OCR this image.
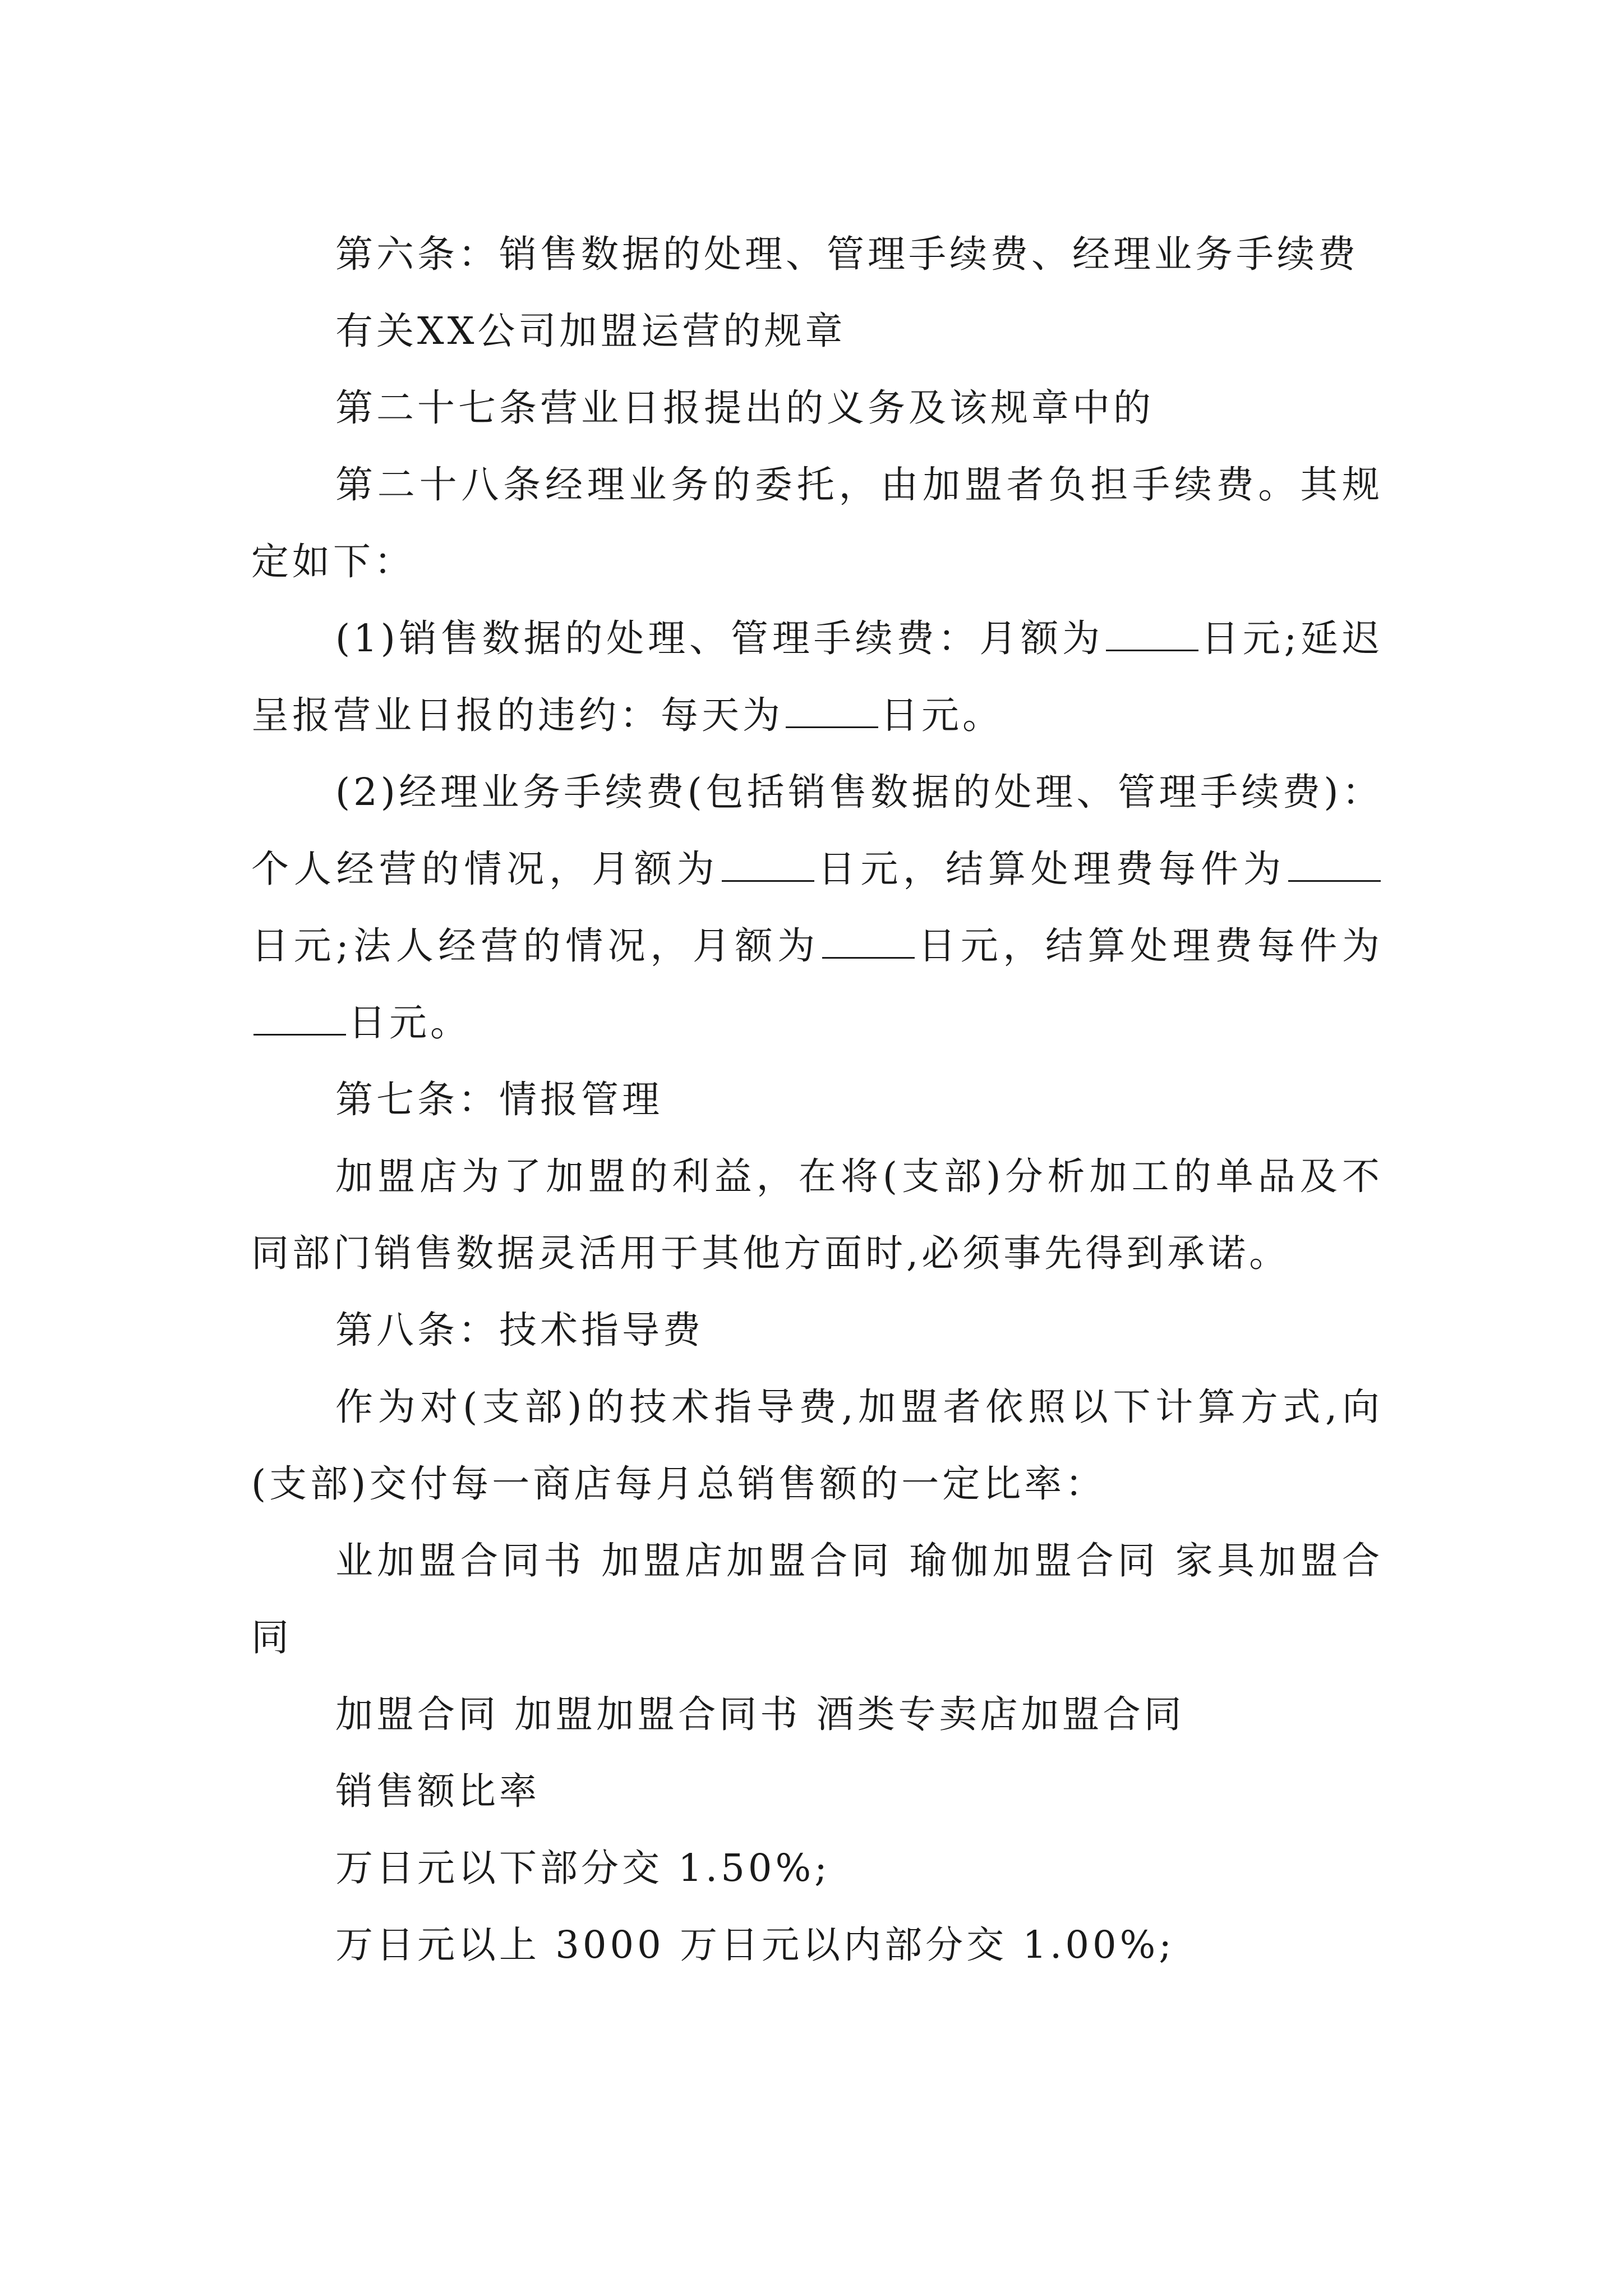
第六条：销售数据的处理、管理手续费、经理业务手续费

有关XX公司加盟运营的规章

第二十七条营业日报提出的义务及该规章中的

第二十八条经理业务的委托，由加盟者负担手续费。其规定如下：

(1)销售数据的处理、管理手续费：月额为	日元;延迟呈报营业日报的违约：每天为	日元。

(2)经理业务手续费(包括销售数据的处理、管理手续费)：个人经营的情况，月额为	日元，结算处理费每件为日元;法人经营的情况，月额为	日元，结算处理费每件为日元。

第七条：情报管理

加盟店为了加盟的利益，在将(支部)分析加工的单品及不同部门销售数据灵活用于其他方面时,必须事先得到承诺。

第八条：技术指导费

作为对(支部)的技术指导费,加盟者依照以下计算方式,向(支部)交付每一商店每月总销售额的一定比率：

业加盟合同书 加盟店加盟合同 瑜伽加盟合同 家具加盟合同

加盟合同 加盟加盟合同书 酒类专卖店加盟合同

销售额比率

万日元以下部分交 1.50%;

万日元以上 3000 万日元以内部分交 1.00%;
